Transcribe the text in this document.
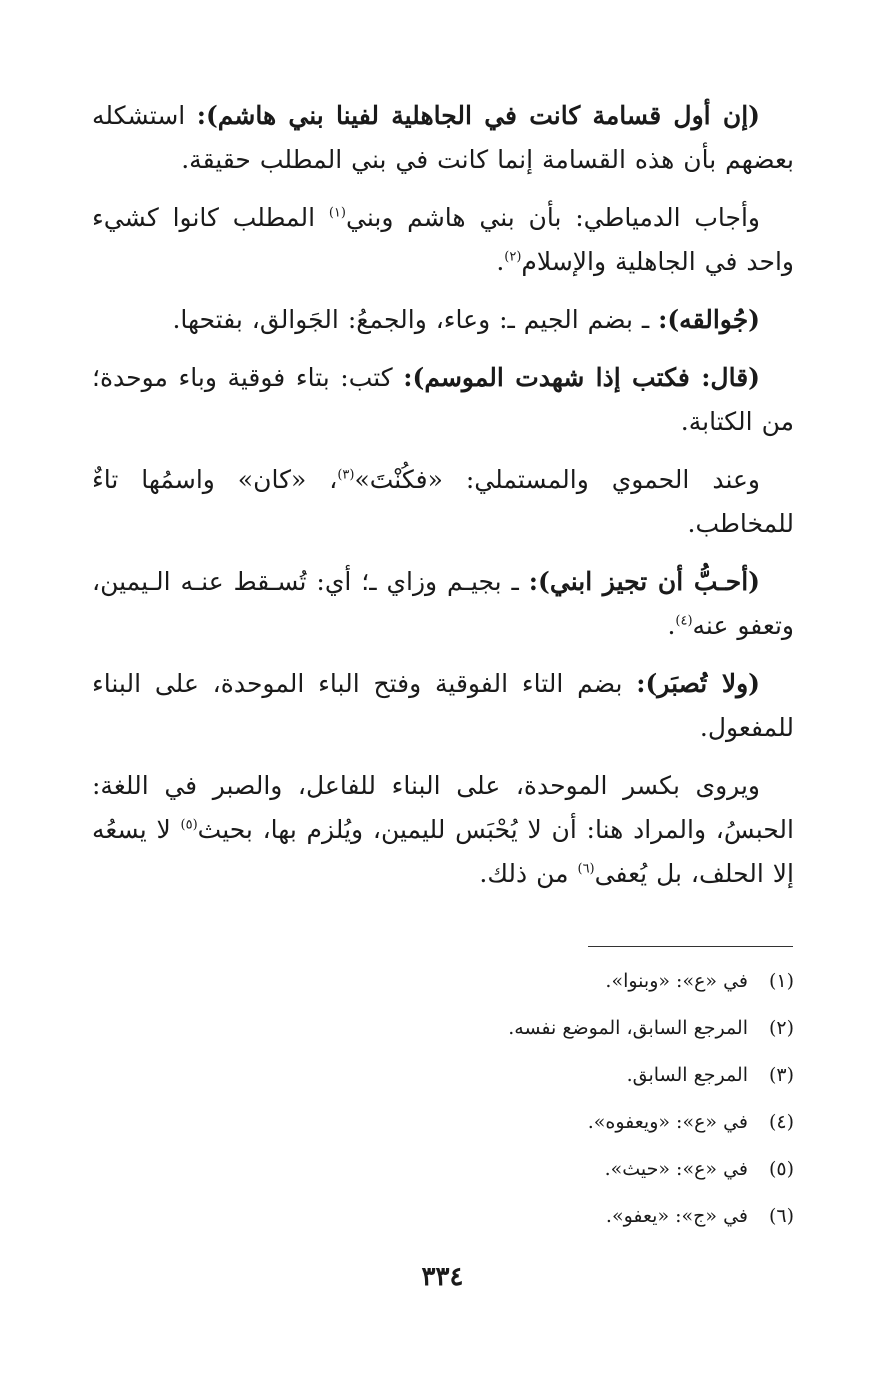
(إن أول قسامة كانت في الجاهلية لفينا بني هاشم): استشكله بعضهم بأن هذه القسامة إنما كانت في بني المطلب حقيقة.

وأجاب الدمياطي: بأن بني هاشم وبني$^{(١)}$ المطلب كانوا كشيء واحد في الجاهلية والإسلام$^{(٢)}$.

(جُوالقه): ـ بضم الجيم ـ: وعاء، والجمعُ: الجَوالق، بفتحها.

(قال: فكتب إذا شهدت الموسم): كتب: بتاء فوقية وباء موحدة؛ من الكتابة.

وعند الحموي والمستملي: «فكُنْتَ»$^{(٣)}$، «كان» واسمُها تاءٌ للمخاطب.

(أحـبُّ أن تجيز ابني): ـ بجيـم وزاي ـ؛ أي: تُسـقط عنـه الـيمين، وتعفو عنه$^{(٤)}$.

(ولا تُصبَر): بضم التاء الفوقية وفتح الباء الموحدة، على البناء للمفعول.

ويروى بكسر الموحدة، على البناء للفاعل، والصبر في اللغة: الحبسُ، والمراد هنا: أن لا يُحْبَس لليمين، ويُلزم بها، بحيث$^{(٥)}$ لا يسعُه إلا الحلف، بل يُعفى$^{(٦)}$ من ذلك.

(١)
في «ع»: «وبنوا».
(٢)
المرجع السابق، الموضع نفسه.
(٣)
المرجع السابق.
(٤)
في «ع»: «ويعفوه».
(٥)
في «ع»: «حيث».
(٦)
في «ج»: «يعفو».
٣٣٤
